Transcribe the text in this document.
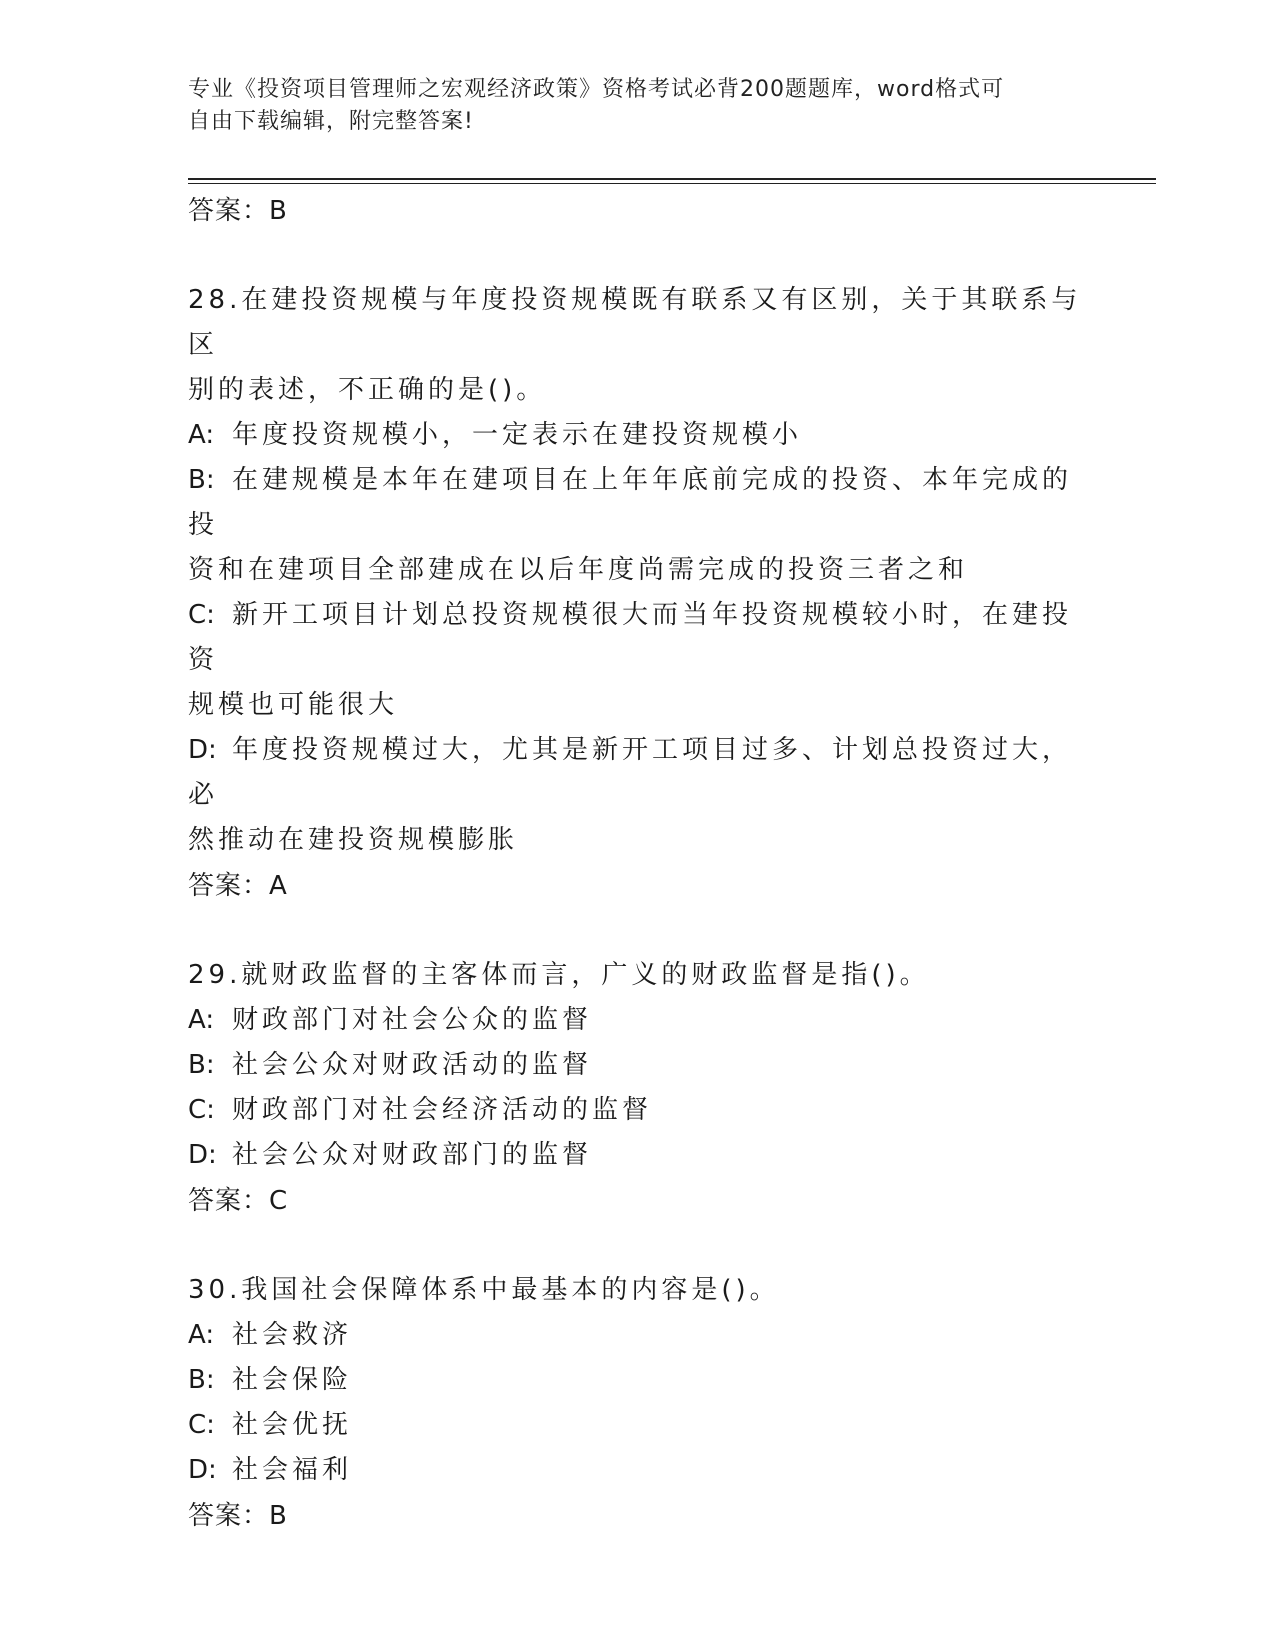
专业《投资项目管理师之宏观经济政策》资格考试必背200题题库，word格式可
自由下载编辑，附完整答案!

答案：B

28.在建投资规模与年度投资规模既有联系又有区别，关于其联系与区

别的表述，不正确的是()。

A: 年度投资规模小，一定表示在建投资规模小

B: 在建规模是本年在建项目在上年年底前完成的投资、本年完成的投

资和在建项目全部建成在以后年度尚需完成的投资三者之和

C: 新开工项目计划总投资规模很大而当年投资规模较小时，在建投资

规模也可能很大

D: 年度投资规模过大，尤其是新开工项目过多、计划总投资过大，必

然推动在建投资规模膨胀

答案：A

29.就财政监督的主客体而言，广义的财政监督是指()。

A: 财政部门对社会公众的监督

B: 社会公众对财政活动的监督

C: 财政部门对社会经济活动的监督

D: 社会公众对财政部门的监督

答案：C

30.我国社会保障体系中最基本的内容是()。

A: 社会救济

B: 社会保险

C: 社会优抚

D: 社会福利

答案：B
